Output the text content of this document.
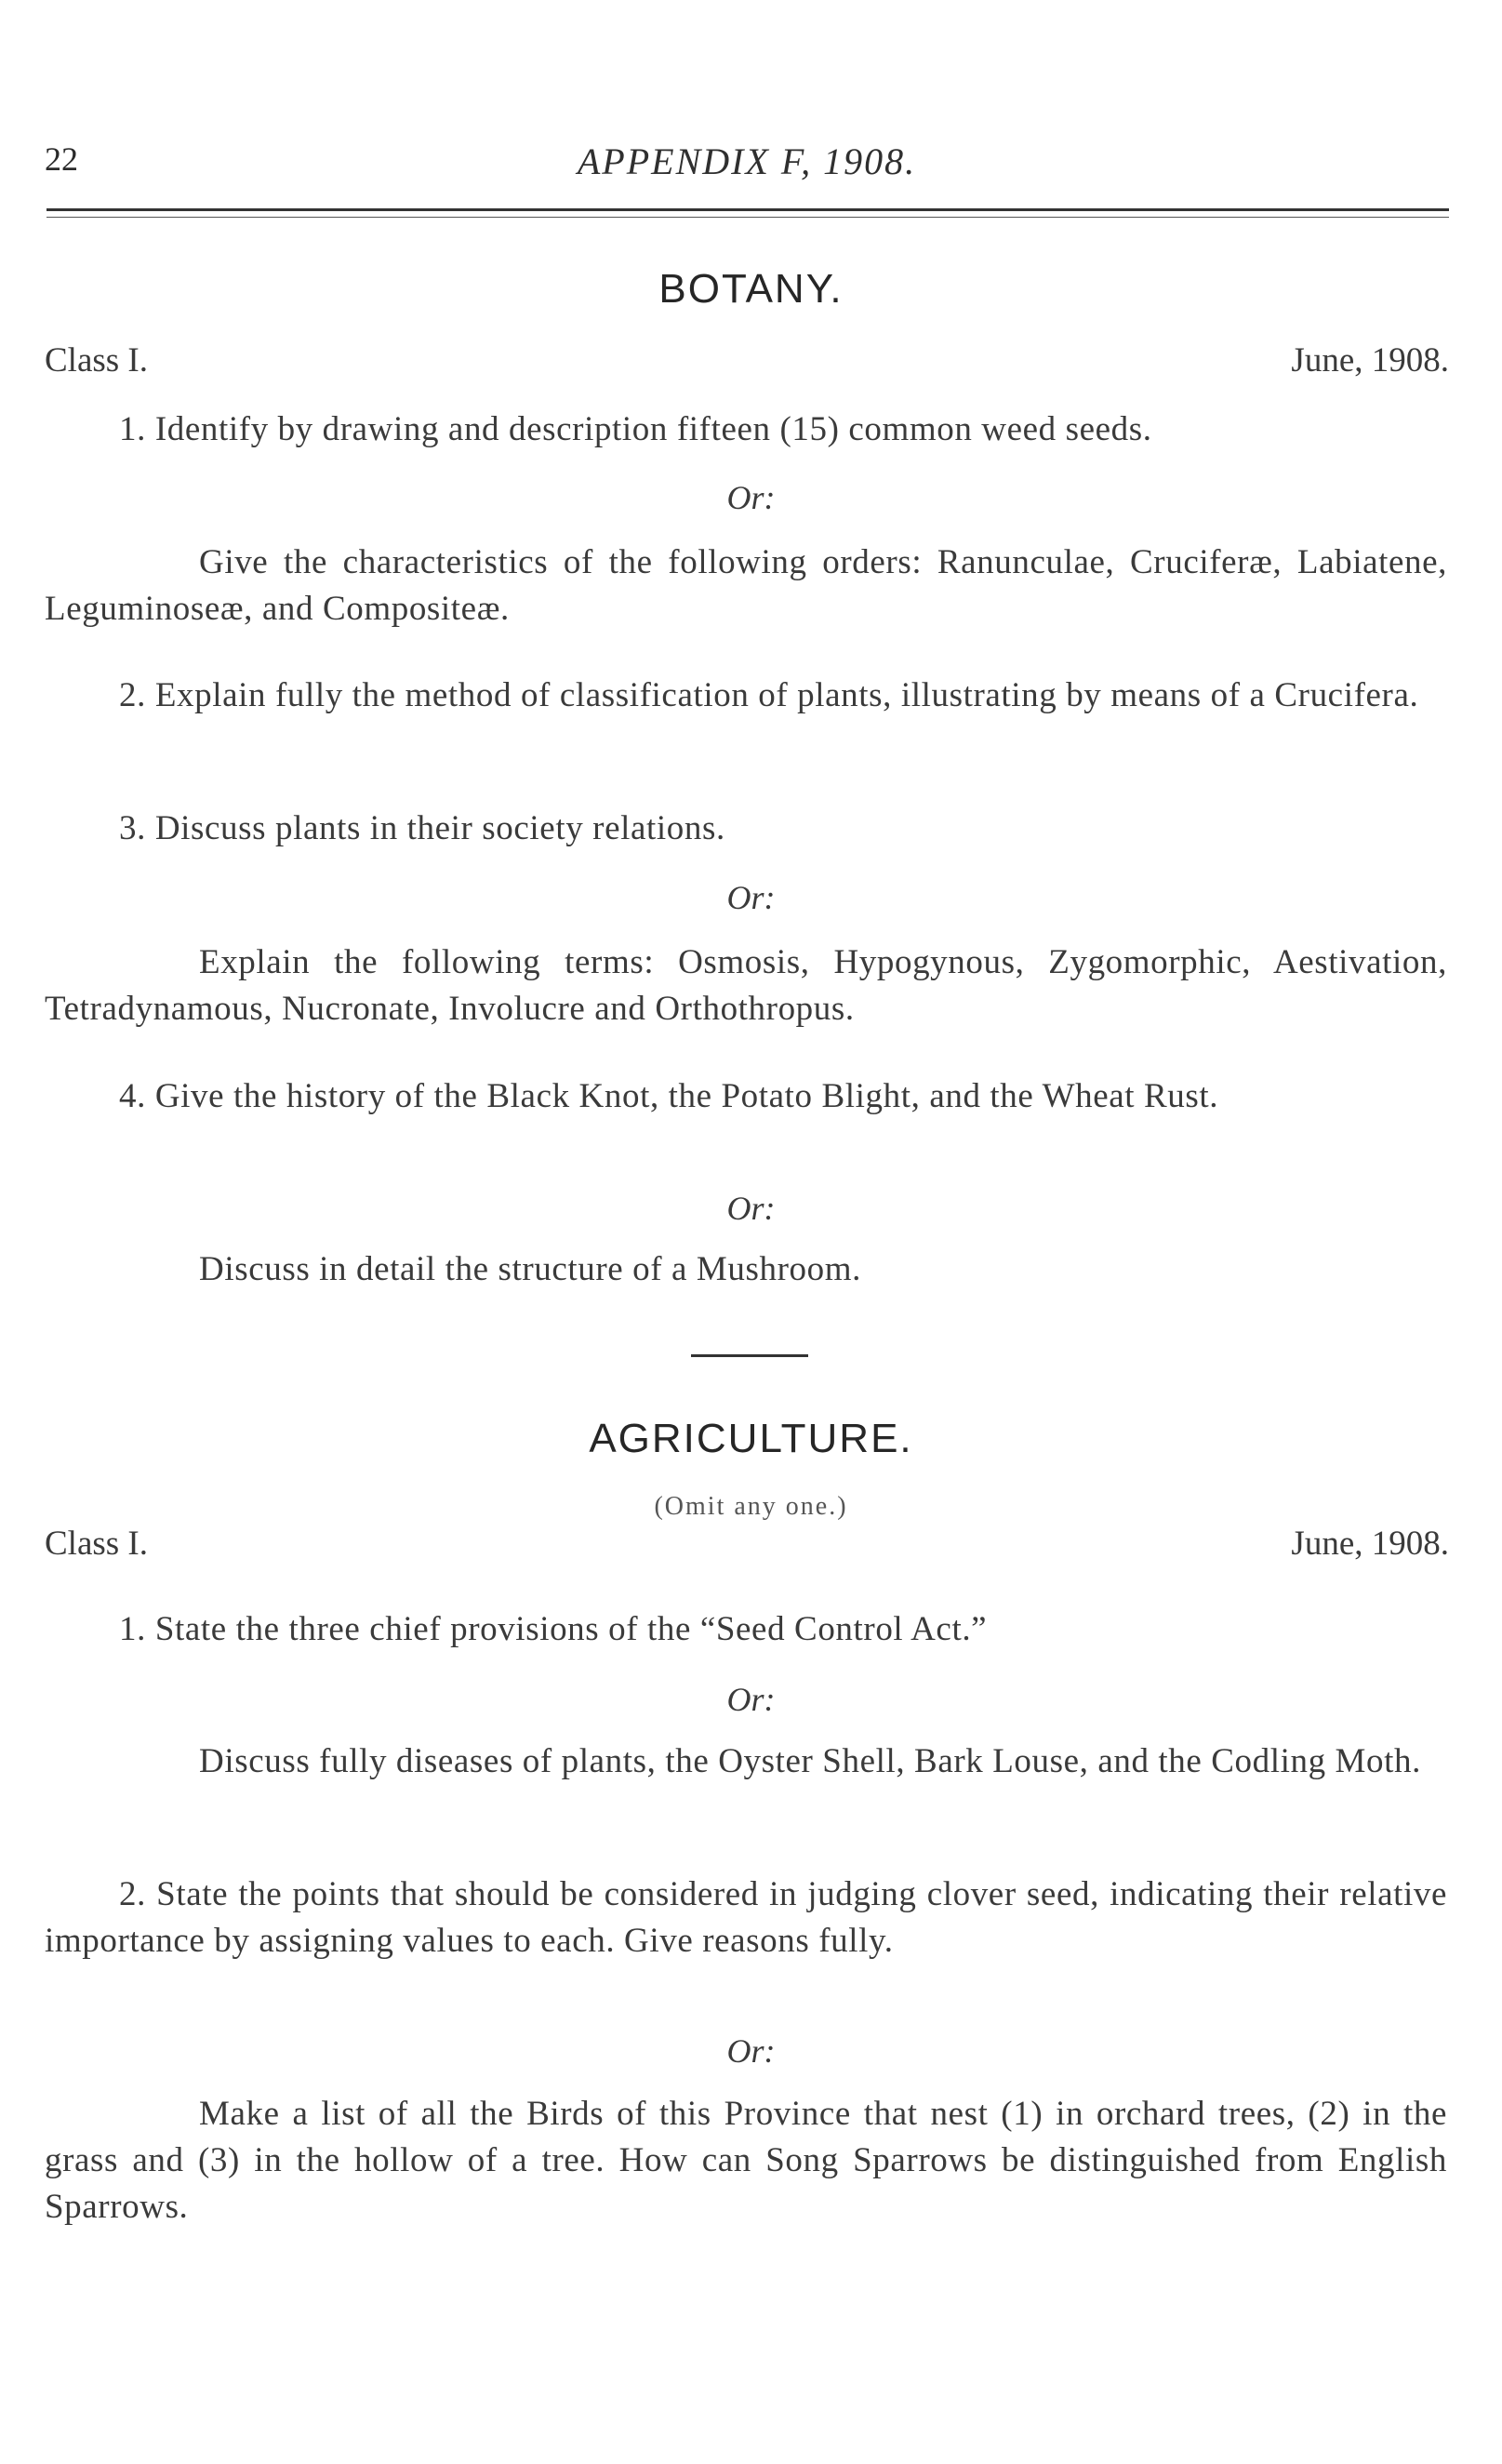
22	APPENDIX F, 1908.
BOTANY.
Class I.	June, 1908.
1. Identify by drawing and description fifteen (15) common weed seeds.
Or:
Give the characteristics of the following orders: Ranunculae, Cruciferæ, Labiatene, Leguminoseæ, and Compositeæ.
2. Explain fully the method of classification of plants, illustrating by means of a Crucifera.
3. Discuss plants in their society relations.
Or:
Explain the following terms: Osmosis, Hypogynous, Zygomorphic, Aestivation, Tetradynamous, Nucronate, Involucre and Orthothropus.
4. Give the history of the Black Knot, the Potato Blight, and the Wheat Rust.
Or:
Discuss in detail the structure of a Mushroom.
AGRICULTURE.
(Omit any one.)
Class I.	June, 1908.
1. State the three chief provisions of the “Seed Control Act.”
Or:
Discuss fully diseases of plants, the Oyster Shell, Bark Louse, and the Codling Moth.
2. State the points that should be considered in judging clover seed, indicating their relative importance by assigning values to each. Give reasons fully.
Or:
Make a list of all the Birds of this Province that nest (1) in orchard trees, (2) in the grass and (3) in the hollow of a tree. How can Song Sparrows be distinguished from English Sparrows.
